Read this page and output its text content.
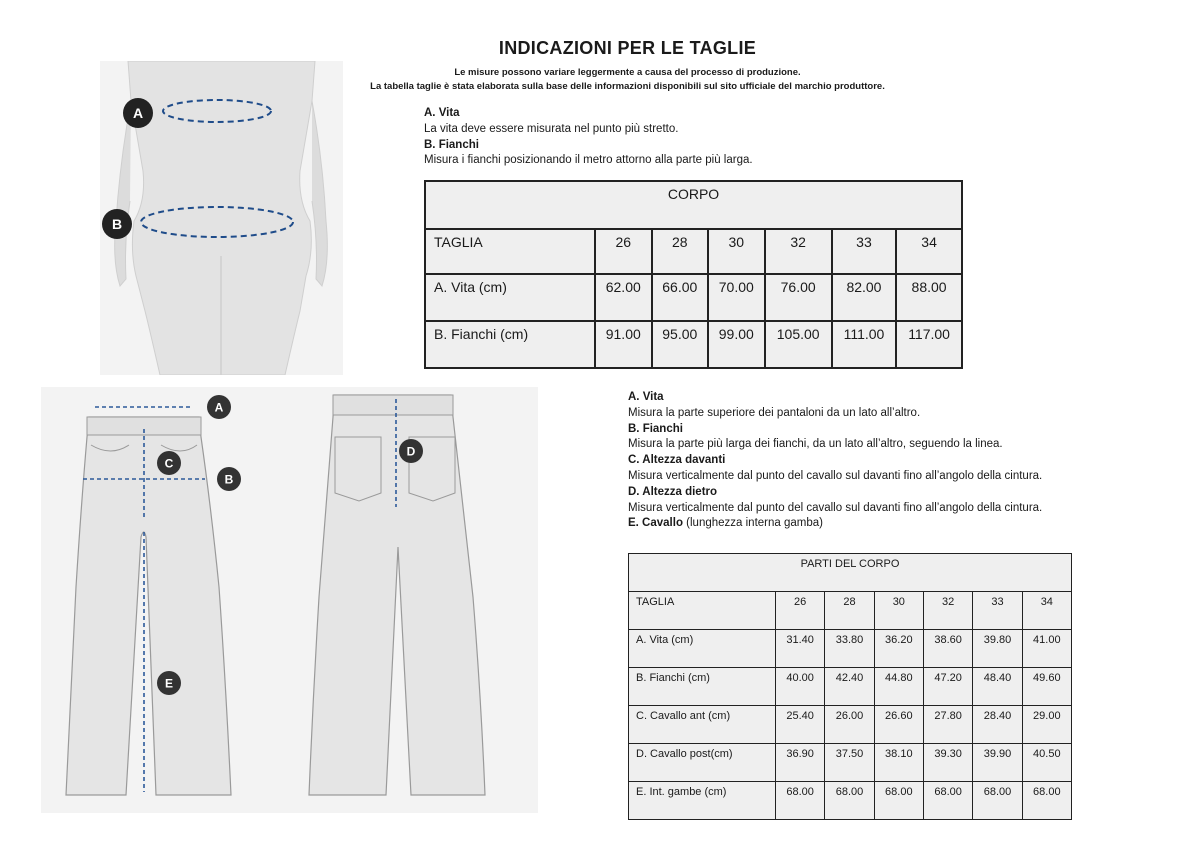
INDICAZIONI PER LE TAGLIE
Le misure possono variare leggermente a causa del processo di produzione.
La tabella taglie è stata elaborata sulla base delle informazioni disponibili sul sito ufficiale del marchio produttore.
A
B
A. Vita
La vita deve essere misurata nel punto più stretto.
B. Fianchi
Misura i fianchi posizionando il metro attorno alla parte più larga.
CORPO						
TAGLIA	26	28	30	32	33	34
A. Vita (cm)	62.00	66.00	70.00	76.00	82.00	88.00
B. Fianchi (cm)	91.00	95.00	99.00	105.00	111.00	117.00
A
B
C
D
E
A. Vita
Misura la parte superiore dei pantaloni da un lato all’altro.
B. Fianchi
Misura la parte più larga dei fianchi, da un lato all’altro, seguendo la linea.
C. Altezza davanti
Misura verticalmente dal punto del cavallo sul davanti fino all’angolo della cintura.
D. Altezza dietro
Misura verticalmente dal punto del cavallo sul davanti fino all’angolo della cintura.
E. Cavallo (lunghezza interna gamba)
PARTI DEL CORPO						
TAGLIA	26	28	30	32	33	34
A. Vita (cm)	31.40	33.80	36.20	38.60	39.80	41.00
B. Fianchi (cm)	40.00	42.40	44.80	47.20	48.40	49.60
C. Cavallo ant (cm)	25.40	26.00	26.60	27.80	28.40	29.00
D. Cavallo post(cm)	36.90	37.50	38.10	39.30	39.90	40.50
E. Int. gambe (cm)	68.00	68.00	68.00	68.00	68.00	68.00
